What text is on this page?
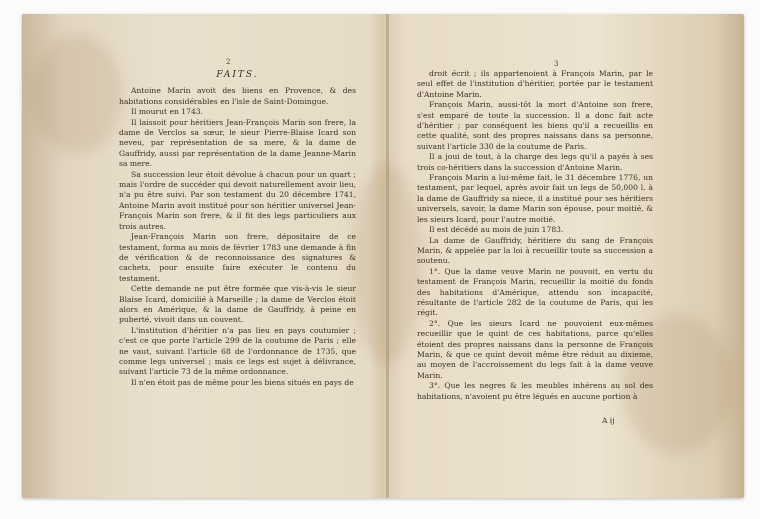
2
FAITS.

Antoine Marin avoit des biens en Provence, & des habitations considérables en l'isle de Saint-Domingue.

Il mourut en 1743.

Il laissoit pour héritiers Jean-François Marin son frere, la dame de Verclos sa sœur, le sieur Pierre-Blaise Icard son neveu, par représentation de sa mere, & la dame de Gauffridy, aussi par représentation de la dame Jeanne-Marin sa mere.

Sa succession leur étoit dévolue à chacun pour un quart ; mais l'ordre de succéder qui devoit naturellement avoir lieu, n'a pu être suivi. Par son testament du 20 décembre 1741, Antoine Marin avoit institué pour son héritier universel Jean-François Marin son frere, & il fit des legs particuliers aux trois autres.

Jean-François Marin son frere, dépositaire de ce testament, forma au mois de février 1783 une demande à fin de vérification & de reconnoissance des signatures & cachets, pour ensuite faire exécuter le contenu du testament.

Cette demande ne put être formée que vis-à-vis le sieur Blaise Icard, domicilié à Marseille ; la dame de Verclos étoit alors en Amérique, & la dame de Gauffridy, à peine en puberté, vivoit dans un couvent.

L'institution d'héritier n'a pas lieu en pays coutumier ; c'est ce que porte l'article 299 de la coutume de Paris ; elle ne vaut, suivant l'article 68 de l'ordonnance de 1735, que comme legs universel ; mais ce legs est sujet à délivrance, suivant l'article 73 de la même ordonnance.

Il n'en étoit pas de même pour les biens situés en pays de

3

droit écrit ; ils appartenoient à François Marin, par le seul effet de l'institution d'héritier, portée par le testament d'Antoine Marin.

François Marin, aussi-tôt la mort d'Antoine son frere, s'est emparé de toute la succession. Il a donc fait acte d'héritier ; par conséquent les biens qu'il a recueillis en cette qualité, sont des propres naissans dans sa personne, suivant l'article 330 de la coutume de Paris.

Il a joui de tout, à la charge des legs qu'il a payés à ses trois co-héritiers dans la succession d'Antoine Marin.

François Marin a lui-même fait, le 31 décembre 1776, un testament, par lequel, après avoir fait un legs de 50,000 l. à la dame de Gauffridy sa niece, il a institué pour ses héritiers universels, savoir, la dame Marin son épouse, pour moitié, & les sieurs Icard, pour l'autre moitié.

Il est décédé au mois de juin 1783.

La dame de Gauffridy, héritiere du sang de François Marin, & appelée par la loi à recueillir toute sa succession a soutenu.

1°. Que la dame veuve Marin ne pouvoit, en vertu du testament de François Marin, recueillir la moitié du fonds des habitations d'Amérique, attendu son incapacité, résultante de l'article 282 de la coutume de Paris, qui les régit.

2°. Que les sieurs Icard ne pouvoient eux-mêmes recueillir que le quint de ces habitations, parce qu'elles étoient des propres naissans dans la personne de François Marin, & que ce quint devoit même être réduit au dixieme, au moyen de l'accroissement du legs fait à la dame veuve Marin.

3°. Que les negres & les meubles inhérens au sol des habitations, n'avoient pu être légués en aucune portion à

A ij
